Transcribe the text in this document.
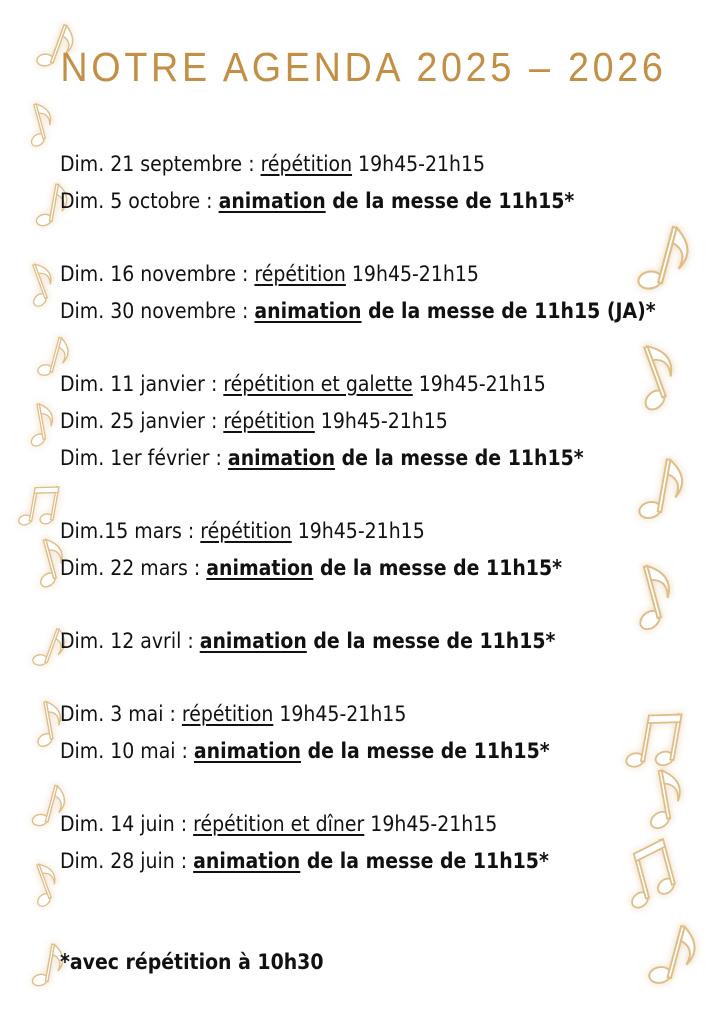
NOTRE AGENDA 2025 – 2026
Dim. 21 septembre : répétition 19h45-21h15
Dim. 5 octobre : animation de la messe de 11h15*
Dim. 16 novembre : répétition 19h45-21h15
Dim. 30 novembre : animation de la messe de 11h15 (JA)*
Dim. 11 janvier : répétition et galette 19h45-21h15
Dim. 25 janvier : répétition 19h45-21h15
Dim. 1er février : animation de la messe de 11h15*
Dim.15 mars : répétition 19h45-21h15
Dim. 22 mars : animation de la messe de 11h15*
Dim. 12 avril : animation de la messe de 11h15*
Dim. 3 mai : répétition 19h45-21h15
Dim. 10 mai : animation de la messe de 11h15*
Dim. 14 juin : répétition et dîner 19h45-21h15
Dim. 28 juin : animation de la messe de 11h15*
*avec répétition à 10h30
